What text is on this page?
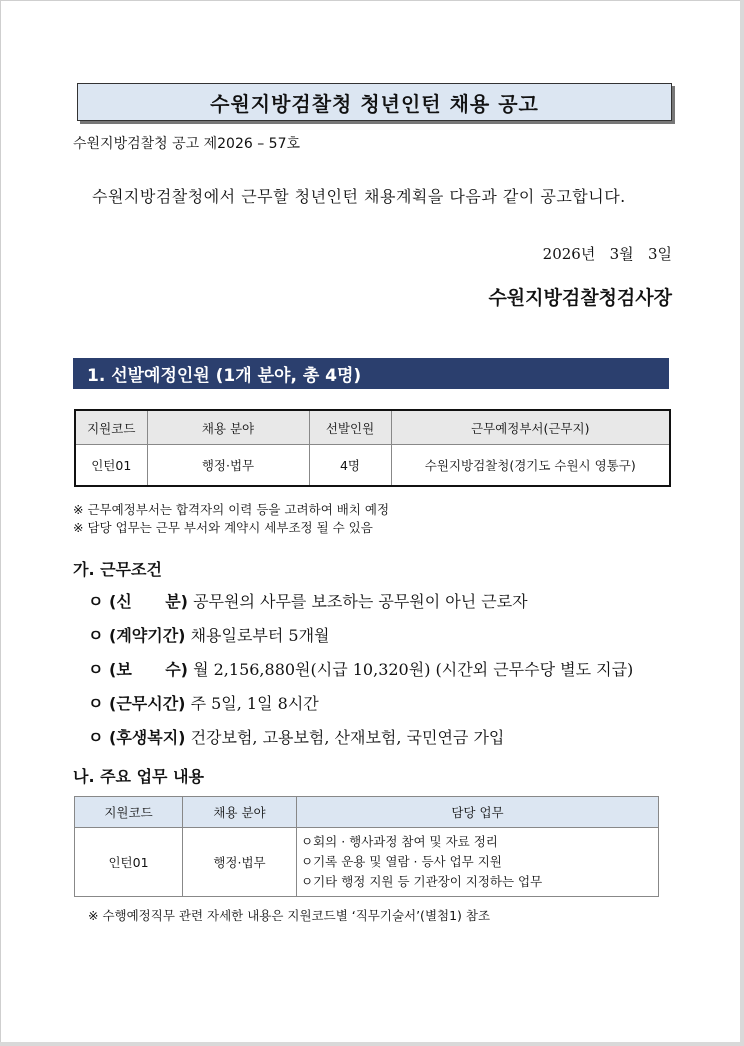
수원지방검찰청 청년인턴 채용 공고
수원지방검찰청 공고 제2026 – 57호
수원지방검찰청에서 근무할 청년인턴 채용계획을 다음과 같이 공고합니다.
2026년   3월   3일
수원지방검찰청검사장
1. 선발예정인원 (1개 분야, 총 4명)
지원코드	채용 분야	선발인원	근무예정부서(근무지)
인턴01	행정·법무	4명	수원지방검찰청(경기도 수원시 영통구)
※ 근무예정부서는 합격자의 이력 등을 고려하여 배치 예정
※ 담당 업무는 근무 부서와 계약시 세부조정 될 수 있음
가. 근무조건
ㅇ (신      분) 공무원의 사무를 보조하는 공무원이 아닌 근로자
ㅇ (계약기간) 채용일로부터 5개월
ㅇ (보      수) 월 2,156,880원(시급 10,320원) (시간외 근무수당 별도 지급)
ㅇ (근무시간) 주 5일, 1일 8시간
ㅇ (후생복지) 건강보험, 고용보험, 산재보험, 국민연금 가입
나. 주요 업무 내용
지원코드	채용 분야	담당 업무
인턴01	행정·법무	ㅇ회의 · 행사과정 참여 및 자료 정리
ㅇ기록 운용 및 열람 · 등사 업무 지원
ㅇ기타 행정 지원 등 기관장이 지정하는 업무
※ 수행예정직무 관련 자세한 내용은 지원코드별 ‘직무기술서’(별첨1) 참조
